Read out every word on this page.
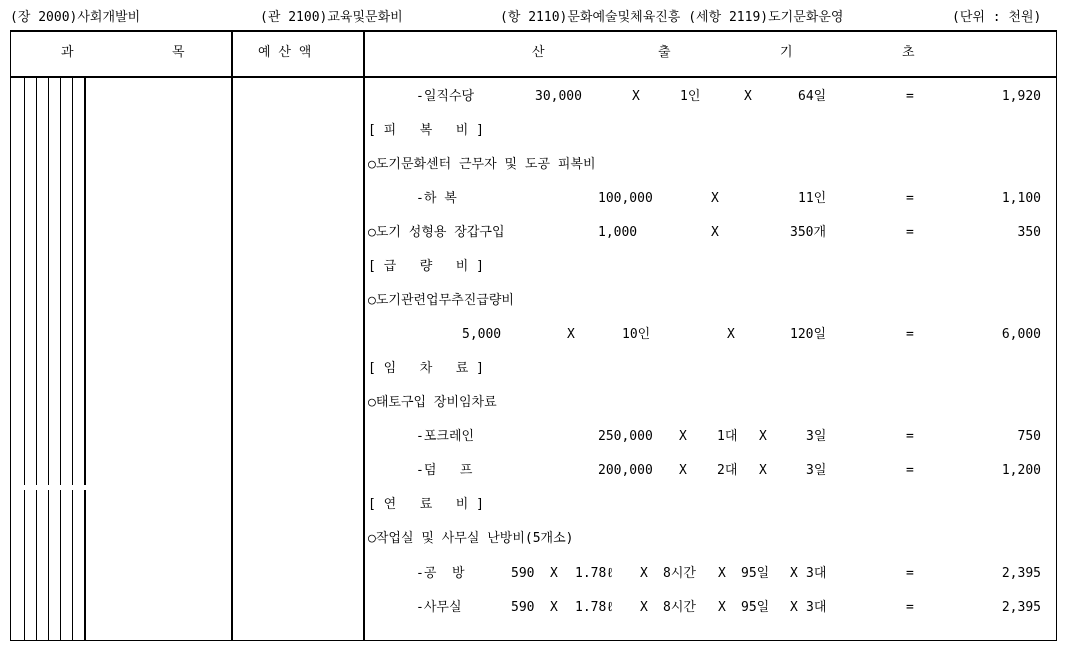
(장 2000)사회개발비	(관 2100)교육및문화비	(항 2110)문화예술및체육진흥 (세항 2119)도기문화운영	(단위 : 천원)
과	목	예 산 액	산	출	기	초
-일직수당	30,000	X	1인	X	64일	=	1,920
[ 피   복   비 ]
○도기문화센터 근무자 및 도공 피복비
-하 복	100,000	X	11인	=	1,100
○도기 성형용 장갑구입	1,000	X	350개	=	350
[ 급   량   비 ]
○도기관련업무추진급량비
5,000	X	10인	X	120일	=	6,000
[ 임   차   료 ]
○태토구입 장비임차료
-포크레인	250,000 X 1대 X	3일	=	750
-덤   프	200,000 X 2대 X	3일	=	1,200
[ 연   료   비 ]
○작업실 및 사무실 난방비(5개소)
-공  방	590 X 1.78ℓ X 8시간 X 95일 X 3대	=	2,395
-사무실	590 X 1.78ℓ X 8시간 X 95일 X 3대	=	2,395
